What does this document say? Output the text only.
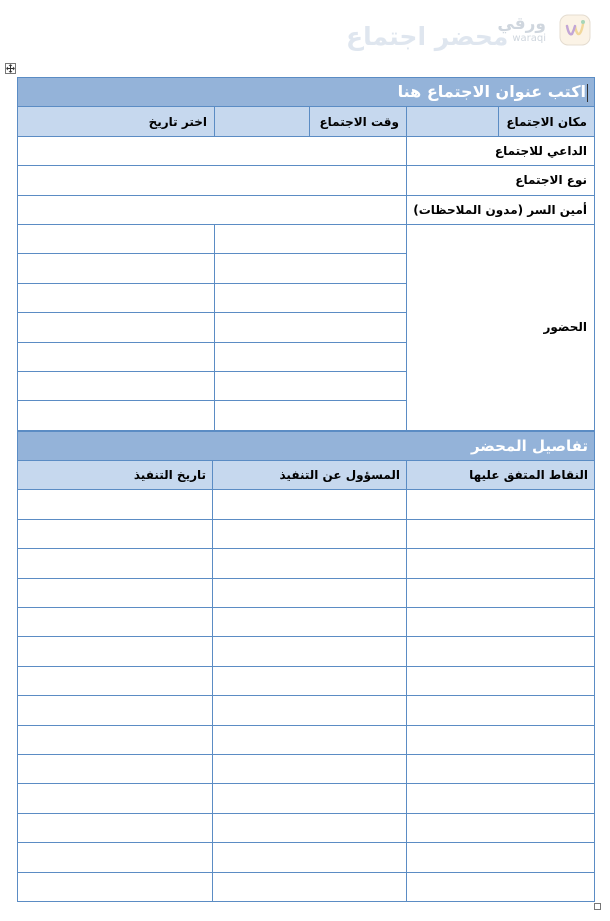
محضر اجتماع
ورقي
waraqi
اكتب عنوان الاجتماع هنا				
مكان الاجتماع		وقت الاجتماع		اختر تاريخ
الداعي للاجتماع				
نوع الاجتماع				
أمين السر (مدون الملاحظات)				
الحضور				

تفاصيل المحضر		
النقاط المتفق عليها	المسؤول عن التنفيذ	تاريخ التنفيذ
